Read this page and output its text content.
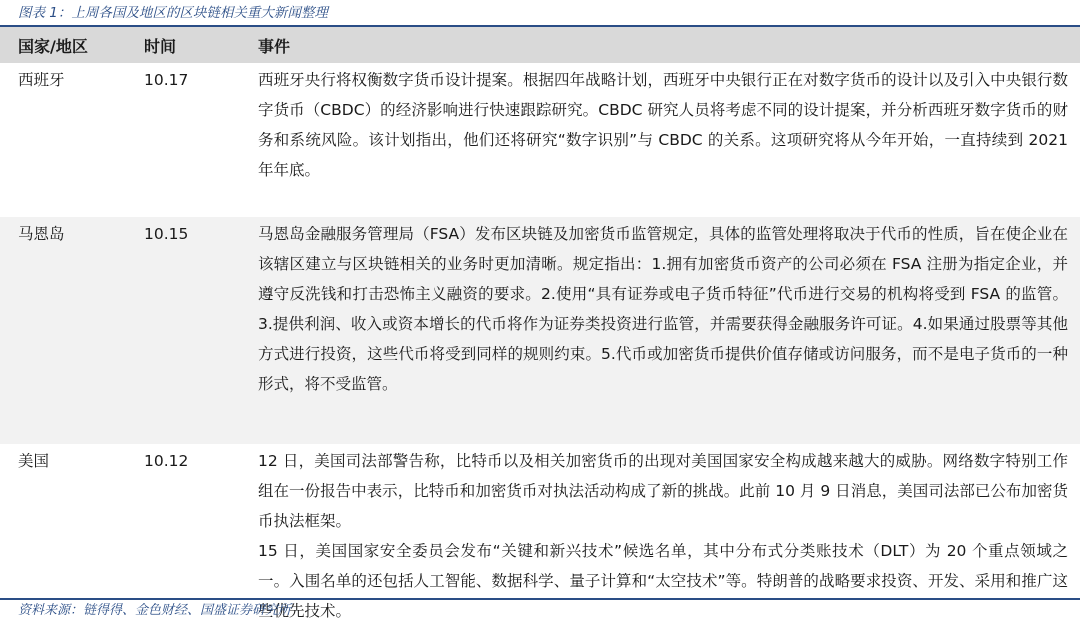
图表 1：上周各国及地区的区块链相关重大新闻整理
国家/地区	时间	事件
西班牙	10.17	西班牙央行将权衡数字货币设计提案。根据四年战略计划，西班牙中央银行正在对数字货币的设计以及引入中央银行数字货币（CBDC）的经济影响进行快速跟踪研究。CBDC 研究人员将考虑不同的设计提案，并分析西班牙数字货币的财务和系统风险。该计划指出，他们还将研究“数字识别”与 CBDC 的关系。这项研究将从今年开始，一直持续到 2021 年年底。

马恩岛	10.15	马恩岛金融服务管理局（FSA）发布区块链及加密货币监管规定，具体的监管处理将取决于代币的性质，旨在使企业在该辖区建立与区块链相关的业务时更加清晰。规定指出：1.拥有加密货币资产的公司必须在 FSA 注册为指定企业，并遵守反洗钱和打击恐怖主义融资的要求。2.使用“具有证券或电子货币特征”代币进行交易的机构将受到 FSA 的监管。3.提供利润、收入或资本增长的代币将作为证券类投资进行监管，并需要获得金融服务许可证。4.如果通过股票等其他方式进行投资，这些代币将受到同样的规则约束。5.代币或加密货币提供价值存储或访问服务，而不是电子货币的一种形式，将不受监管。

美国	10.12	12 日，美国司法部警告称，比特币以及相关加密货币的出现对美国国家安全构成越来越大的威胁。网络数字特别工作组在一份报告中表示，比特币和加密货币对执法活动构成了新的挑战。此前 10 月 9 日消息，美国司法部已公布加密货币执法框架。

15 日，美国国家安全委员会发布“关键和新兴技术”候选名单，其中分布式分类账技术（DLT）为 20 个重点领域之一。入围名单的还包括人工智能、数据科学、量子计算和“太空技术”等。特朗普的战略要求投资、开发、采用和推广这些优先技术。

资料来源：链得得、金色财经、国盛证券研究所
